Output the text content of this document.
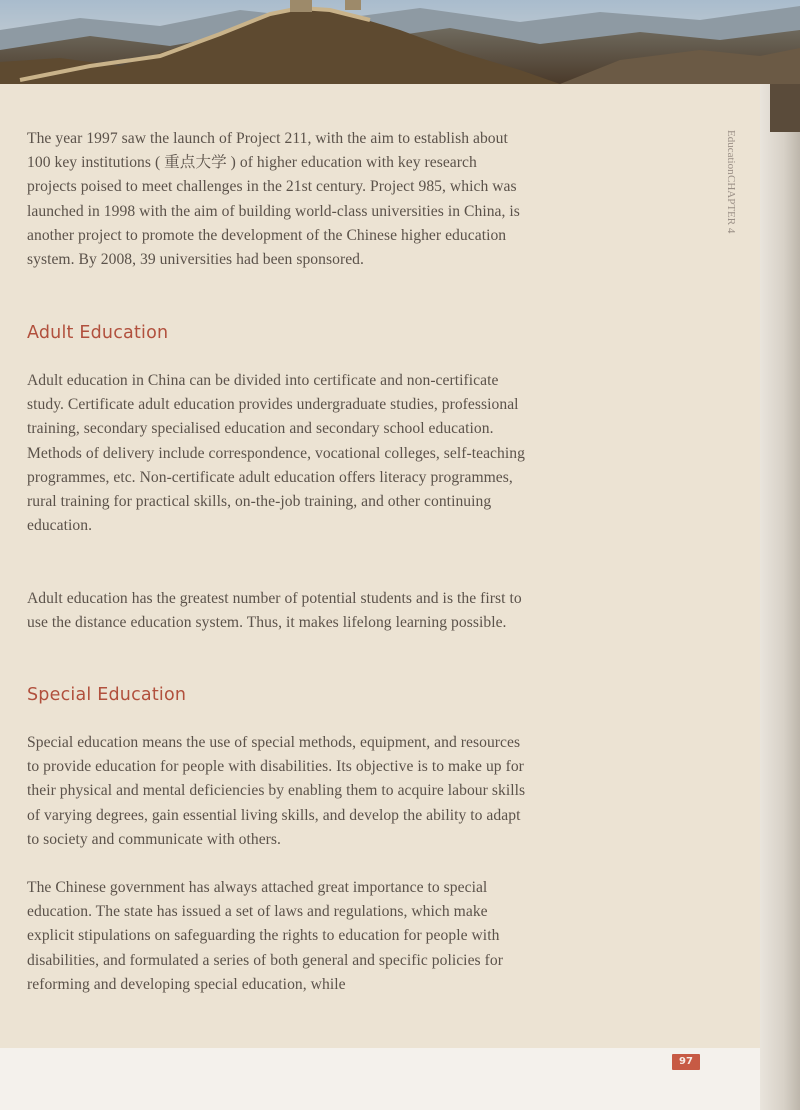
CHAPTER 4
Education

The year 1997 saw the launch of Project 211, with the aim to establish about 100 key institutions ( 重点大学 ) of higher education with key research projects poised to meet challenges in the 21st century. Project 985, which was launched in 1998 with the aim of building world-class universities in China, is another project to promote the development of the Chinese higher education system. By 2008, 39 universities had been sponsored.

Adult Education

Adult education in China can be divided into certificate and non-certificate study. Certificate adult education provides undergraduate studies, professional training, secondary specialised education and secondary school education. Methods of delivery include correspondence, vocational colleges, self-teaching programmes, etc. Non-certificate adult education offers literacy programmes, rural training for practical skills, on-the-job training, and other continuing education.

Adult education has the greatest number of potential students and is the first to use the distance education system. Thus, it makes lifelong learning possible.

Special Education

Special education means the use of special methods, equipment, and resources to provide education for people with disabilities. Its objective is to make up for their physical and mental deficiencies by enabling them to acquire labour skills of varying degrees, gain essential living skills, and develop the ability to adapt to society and communicate with others.

The Chinese government has always attached great importance to special education. The state has issued a set of laws and regulations, which make explicit stipulations on safeguarding the rights to education for people with disabilities, and formulated a series of both general and specific policies for reforming and developing special education, while

97
